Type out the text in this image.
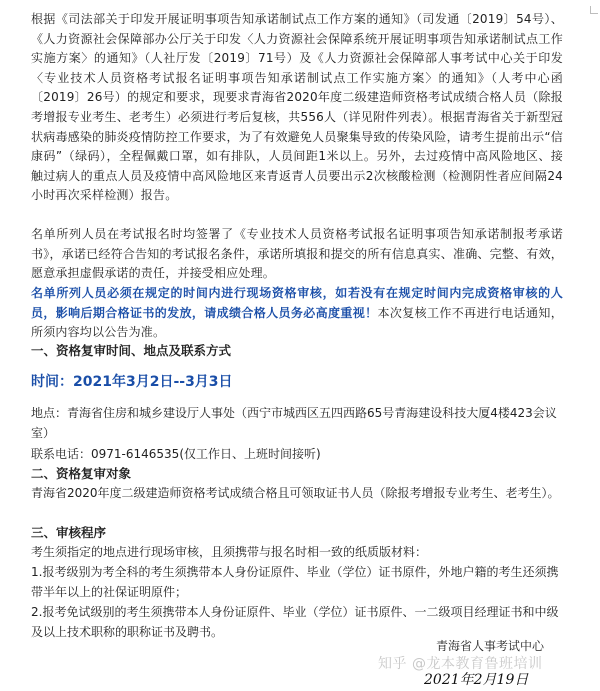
根据《司法部关于印发开展证明事项告知承诺制试点工作方案的通知》（司发通〔2019〕54号）、《人力资源社会保障部办公厅关于印发〈人力资源社会保障系统开展证明事项告知承诺制试点工作实施方案〉的通知》（人社厅发〔2019〕71号）及《人力资源社会保障部人事考试中心关于印发〈专业技术人员资格考试报名证明事项告知承诺制试点工作实施方案〉的通知》（人考中心函〔2019〕26号）的规定和要求，现要求青海省2020年度二级建造师资格考试成绩合格人员（除报考增报专业考生、老考生）必须进行考后复核，共556人（详见附件列表）。根据青海省关于新型冠状病毒感染的肺炎疫情防控工作要求，为了有效避免人员聚集导致的传染风险，请考生提前出示“信康码”（绿码），全程佩戴口罩，如有排队，人员间距1米以上。另外，去过疫情中高风险地区、接触过病人的重点人员及疫情中高风险地区来青返青人员要出示2次核酸检测（检测阴性者应间隔24小时再次采样检测）报告。
名单所列人员在考试报名时均签署了《专业技术人员资格考试报名证明事项告知承诺制报考承诺书》，承诺已经符合告知的考试报名条件，承诺所填报和提交的所有信息真实、准确、完整、有效，愿意承担虚假承诺的责任，并接受相应处理。
名单所列人员必须在规定的时间内进行现场资格审核，如若没有在规定时间内完成资格审核的人员，影响后期合格证书的发放，请成绩合格人员务必高度重视！本次复核工作不再进行电话通知，所须内容均以公告为准。
一、资格复审时间、地点及联系方式
时间：2021年3月2日--3月3日
地点：青海省住房和城乡建设厅人事处（西宁市城西区五四西路65号青海建设科技大厦4楼423会议室）
联系电话：0971-6146535(仅工作日、上班时间接听)
二、资格复审对象
青海省2020年度二级建造师资格考试成绩合格且可领取证书人员（除报考增报专业考生、老考生）。
三、审核程序
考生须指定的地点进行现场审核，且须携带与报名时相一致的纸质版材料：
1.报考级别为考全科的考生须携带本人身份证原件、毕业（学位）证书原件，外地户籍的考生还须携带半年以上的社保证明原件；
2.报考免试级别的考生须携带本人身份证原件、毕业（学位）证书原件、一二级项目经理证书和中级及以上技术职称的职称证书及聘书。
青海省人事考试中心
知乎 @龙本教育鲁班培训
2021年2月19日
